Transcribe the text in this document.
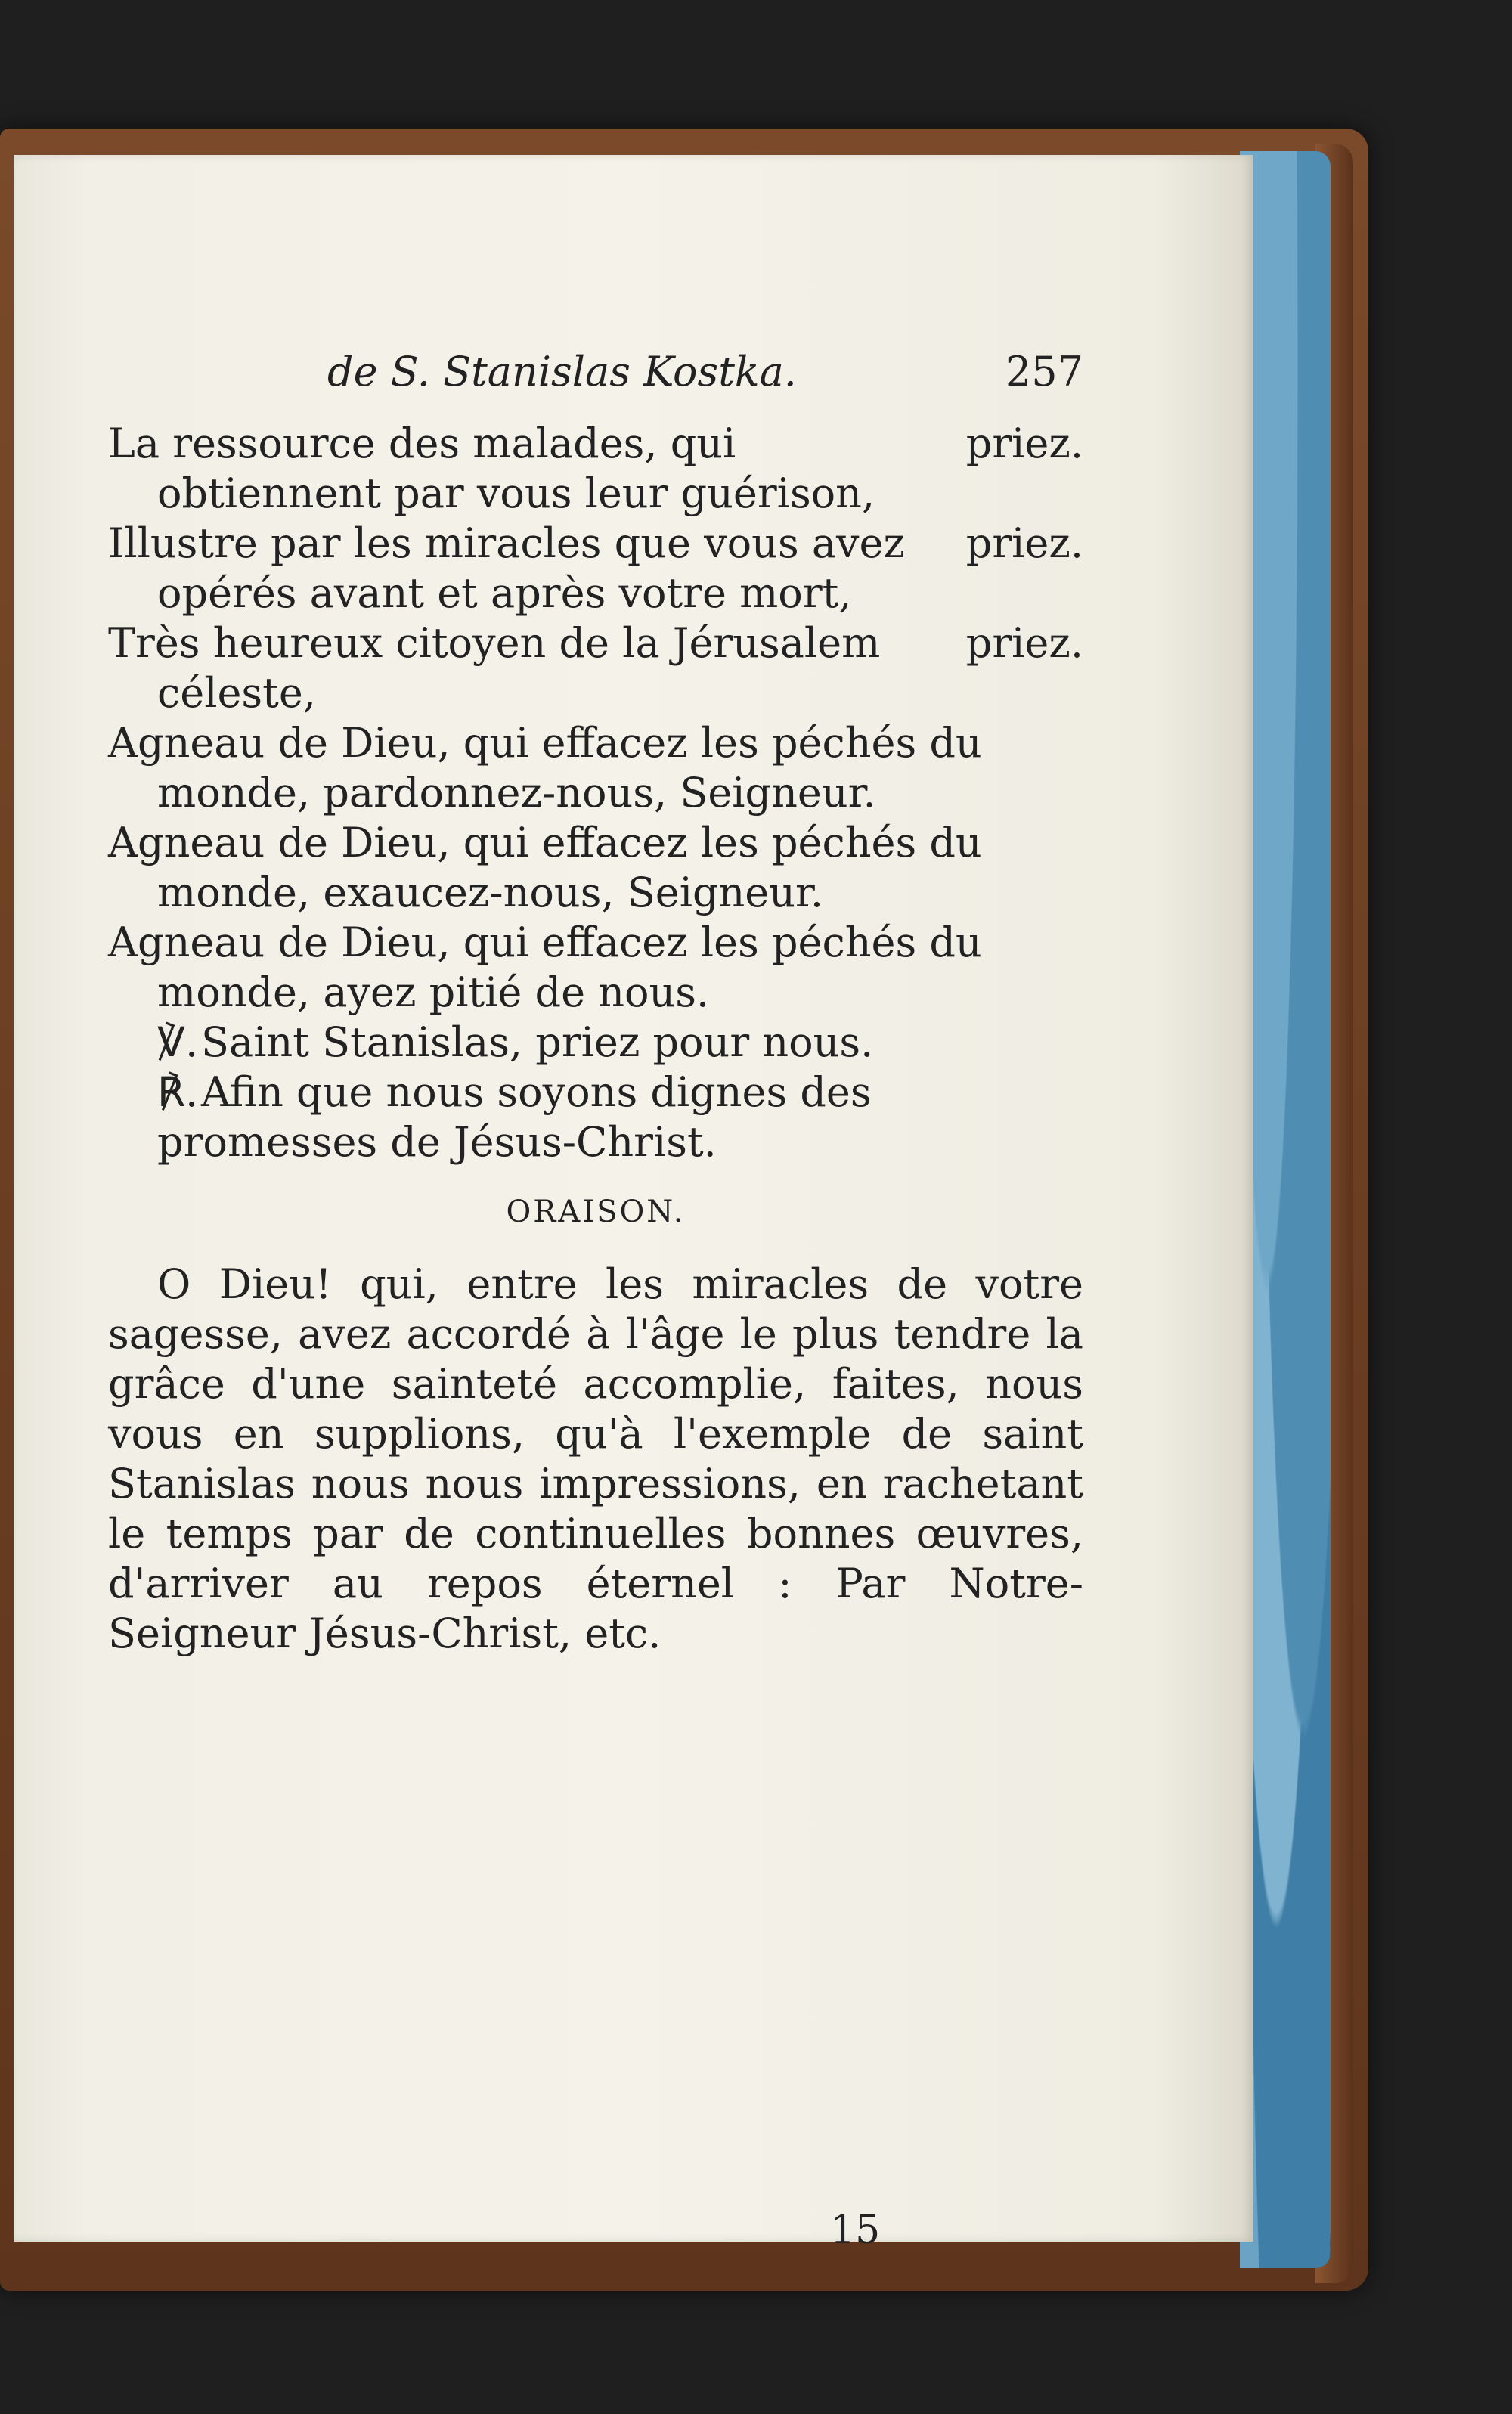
de S. Stanislas Kostka.	257

priez.
La ressource des malades, qui obtiennent par vous leur guérison,

priez.
Illustre par les miracles que vous avez opérés avant et après votre mort,

priez.
Très heureux citoyen de la Jérusalem céleste,

Agneau de Dieu, qui effacez les péchés du monde, pardonnez-nous, Seigneur.

Agneau de Dieu, qui effacez les péchés du monde, exaucez-nous, Seigneur.

Agneau de Dieu, qui effacez les péchés du monde, ayez pitié de nous.

℣.Saint Stanislas, priez pour nous.

℟.Afin que nous soyons dignes des promesses de Jésus-Christ.

ORAISON.

O Dieu! qui, entre les miracles de votre sagesse, avez accordé à l'âge le plus tendre la grâce d'une sainteté accomplie, faites, nous vous en supplions, qu'à l'exemple de saint Stanislas nous nous impressions, en rachetant le temps par de continuelles bonnes œuvres, d'arriver au repos éternel : Par Notre-Seigneur Jésus-Christ, etc.

15
